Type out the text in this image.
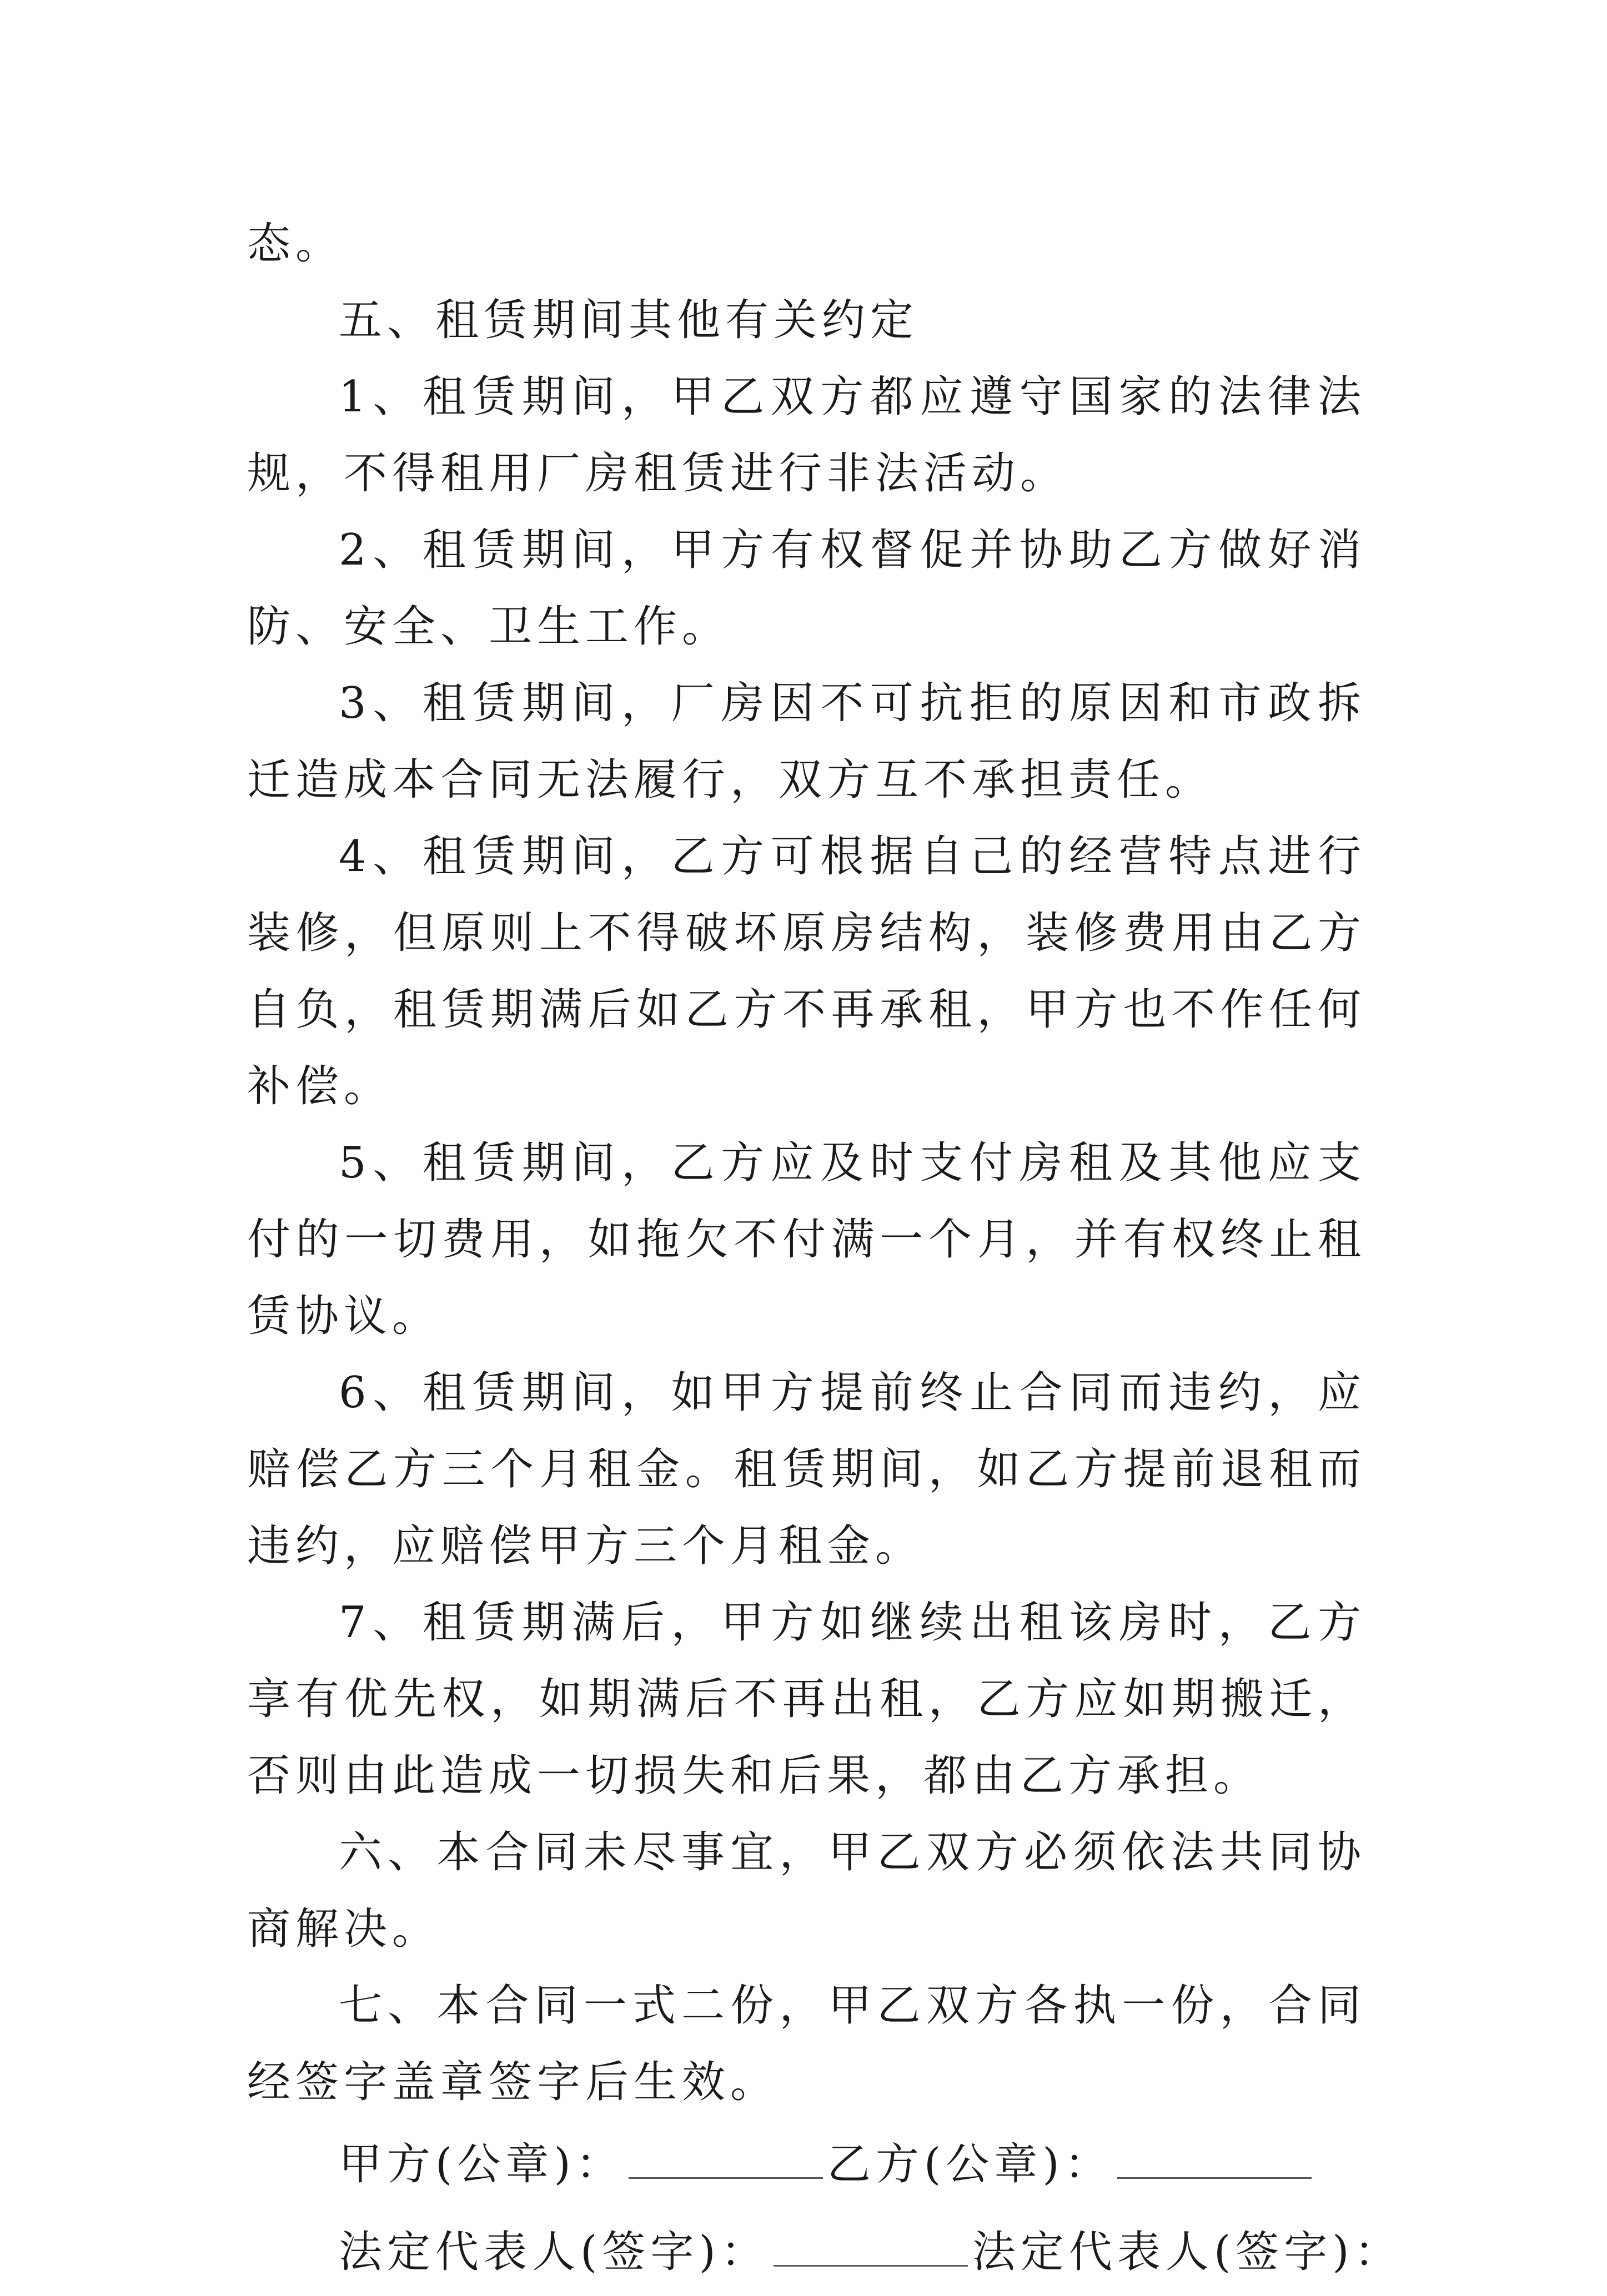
态。

五、租赁期间其他有关约定

1、租赁期间，甲乙双方都应遵守国家的法律法规，不得租用厂房租赁进行非法活动。

2、租赁期间，甲方有权督促并协助乙方做好消防、安全、卫生工作。

3、租赁期间，厂房因不可抗拒的原因和市政拆迁造成本合同无法履行，双方互不承担责任。

4、租赁期间，乙方可根据自己的经营特点进行装修，但原则上不得破坏原房结构，装修费用由乙方自负，租赁期满后如乙方不再承租，甲方也不作任何补偿。

5、租赁期间，乙方应及时支付房租及其他应支付的一切费用，如拖欠不付满一个月，并有权终止租赁协议。

6、租赁期间，如甲方提前终止合同而违约，应赔偿乙方三个月租金。租赁期间，如乙方提前退租而违约，应赔偿甲方三个月租金。

7、租赁期满后，甲方如继续出租该房时，乙方享有优先权，如期满后不再出租，乙方应如期搬迁，否则由此造成一切损失和后果，都由乙方承担。

六、本合同未尽事宜，甲乙双方必须依法共同协商解决。

七、本合同一式二份，甲乙双方各执一份，合同经签字盖章签字后生效。

甲方(公章)：	乙方(公章)：
法定代表人(签字)：	法定代表人(签字)：
